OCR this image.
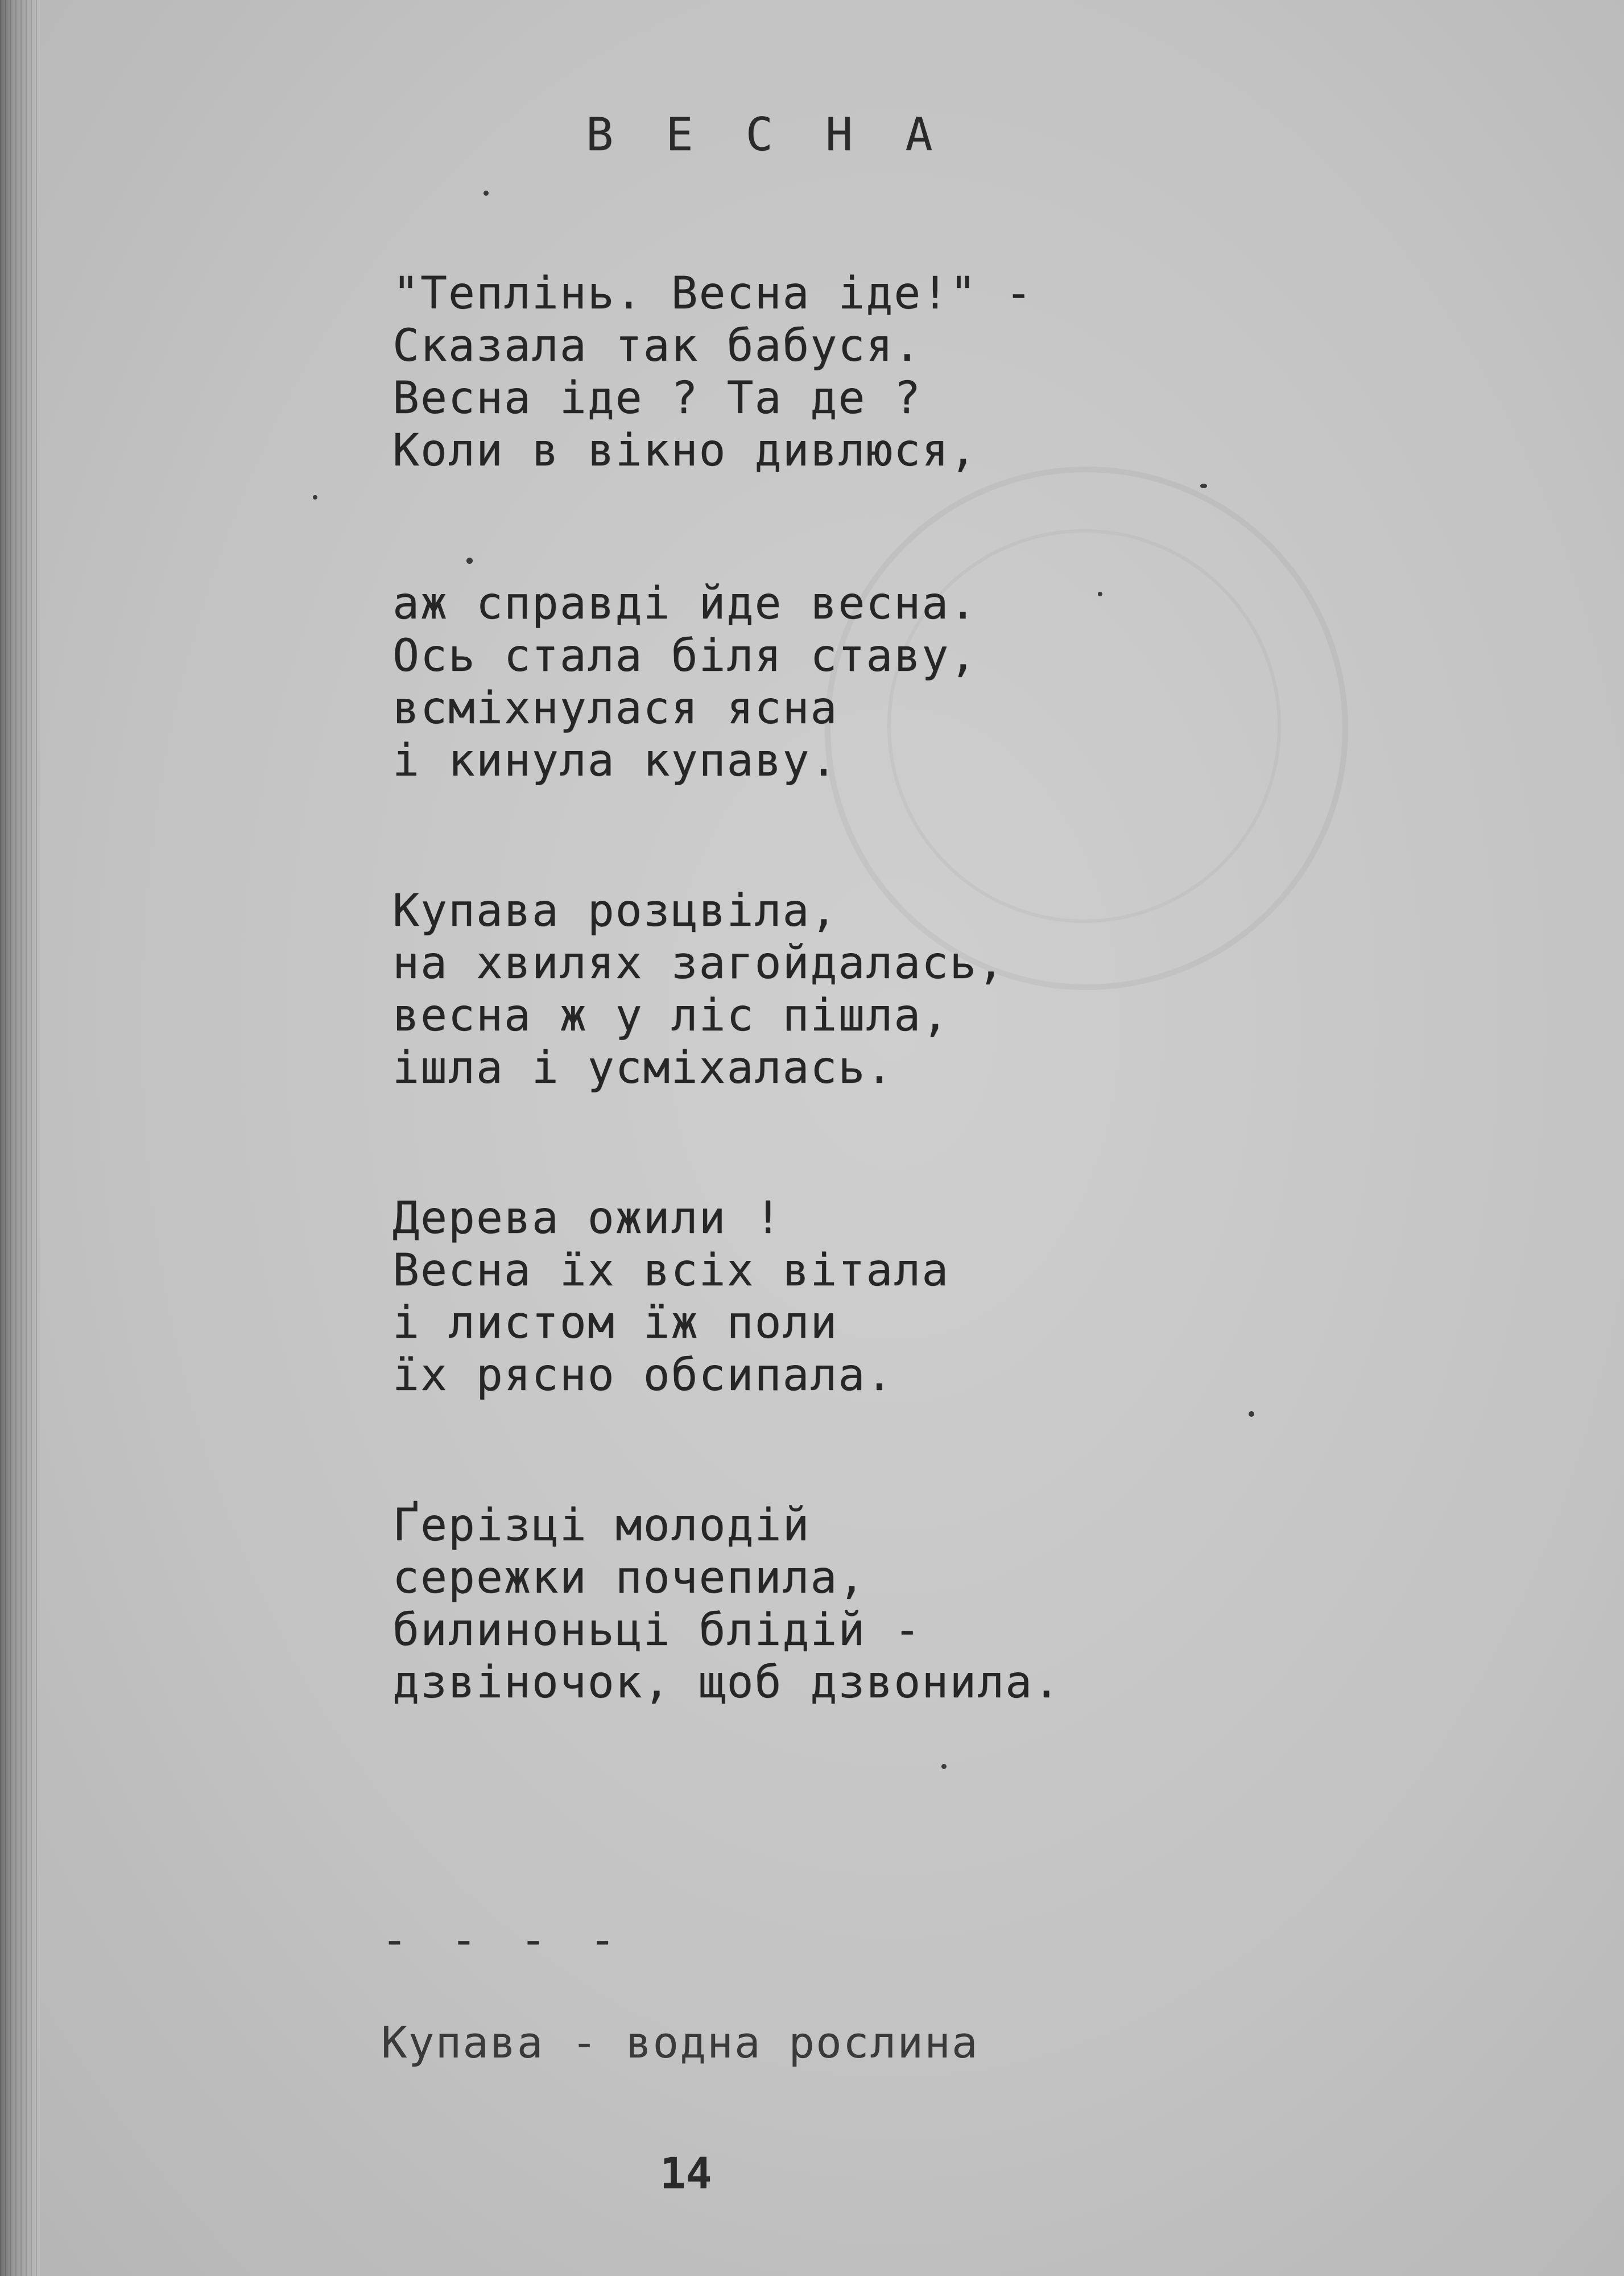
В Е С Н А
"Теплінь. Весна іде!" -
Сказала так бабуся.
Весна іде ? Та де ?
Коли в вікно дивлюся,
аж справді йде весна.
Ось стала біля ставу,
всміхнулася ясна
і кинула купаву.
Купава розцвіла,
на хвилях загойдалась,
весна ж у ліс пішла,
ішла і усміхалась.
Дерева ожили !
Весна їх всіх вітала
і листом їж поли
їх рясно обсипала.
Ґерізці молодій
сережки почепила,
билиноньці блідій -
дзвіночок, щоб дзвонила.
- - - -
Купава - водна рослина
14
